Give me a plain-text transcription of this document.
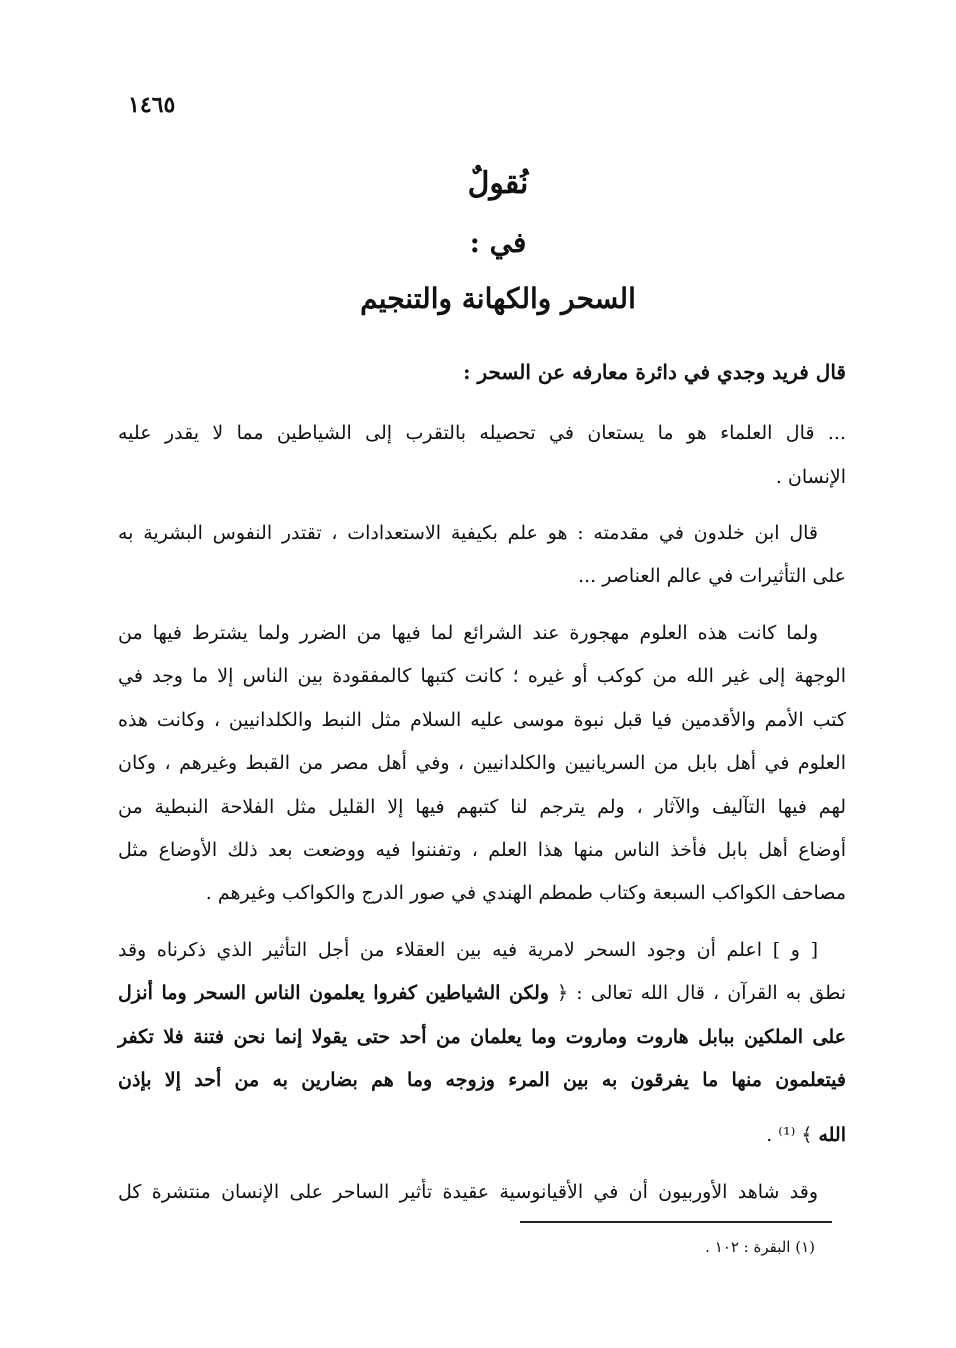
١٤٦٥
نُقولٌ
في :
السحر والكهانة والتنجيم
قال فريد وجدي في دائرة معارفه عن السحر :
... قال العلماء هو ما يستعان في تحصيله بالتقرب إلى الشياطين مما لا يقدر عليه
الإنسان .
قال ابن خلدون في مقدمته : هو علم بكيفية الاستعدادات ، تقتدر النفوس البشرية به
على التأثيرات في عالم العناصر ...
ولما كانت هذه العلوم مهجورة عند الشرائع لما فيها من الضرر ولما يشترط فيها من
الوجهة إلى غير الله من كوكب أو غيره ؛ كانت كتبها كالمفقودة بين الناس إلا ما وجد في
كتب الأمم والأقدمين فيا قبل نبوة موسى عليه السلام مثل النبط والكلدانيين ، وكانت هذه
العلوم في أهل بابل من السريانيين والكلدانيين ، وفي أهل مصر من القبط وغيرهم ، وكان
لهم فيها التآليف والآثار ، ولم يترجم لنا كتبهم فيها إلا القليل مثل الفلاحة النبطية من
أوضاع أهل بابل فأخذ الناس منها هذا العلم ، وتفننوا فيه ووضعت بعد ذلك الأوضاع مثل
مصاحف الكواكب السبعة وكتاب طمطم الهندي في صور الدرج والكواكب وغيرهم .
[ و ] اعلم أن وجود السحر لامرية فيه بين العقلاء من أجل التأثير الذي ذكرناه وقد
نطق به القرآن ، قال الله تعالى : ﴿ ولكن الشياطين كفروا يعلمون الناس السحر وما أنزل
على الملكين ببابل هاروت وماروت وما يعلمان من أحد حتى يقولا إنما نحن فتنة فلا تكفر
فيتعلمون منها ما يفرقون به بين المرء وزوجه وما هم بضارين به من أحد إلا بإذن
الله ﴾ ⁽¹⁾ .
وقد شاهد الأوربيون أن في الأقيانوسية عقيدة تأثير الساحر على الإنسان منتشرة كل
(١) البقرة : ١٠٢ .
